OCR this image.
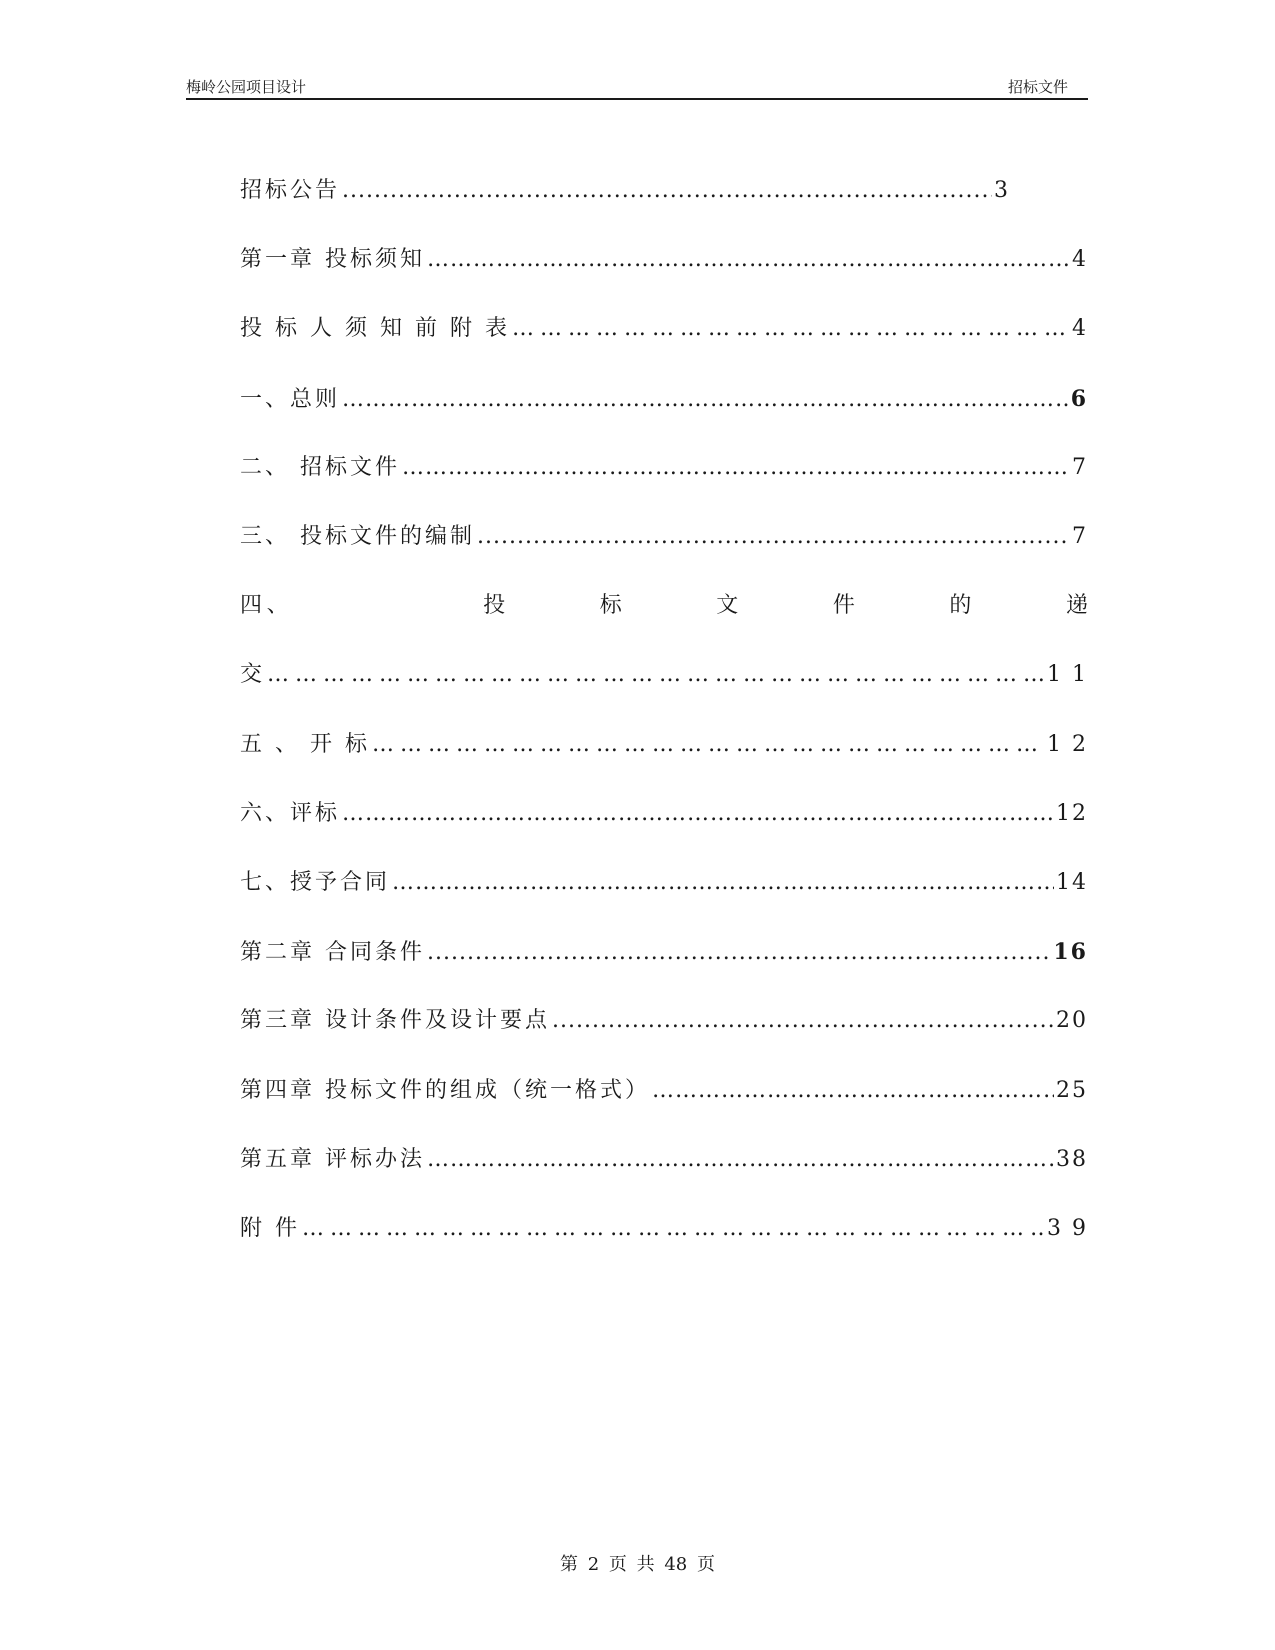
梅岭公园项目设计	招标文件
招标公告 .....	3
第一章 投标须知 ……………………………………………………………………………………………………………………………………………………………………	4
投 标 人 须 知 前 附 表 ……………………………………………………………………………………………………………………………………………………………………	4
一、总则 ……………………………………………………………………………………………………………………………………………………………………	6
二、 招标文件 ……………………………………………………………………………………………………………………………………………………………………	7
三、 投标文件的编制 .....	7
四 、	投	标	文	件	的	递
交 ……………………………………………………………………………………………………………………………………………………………………	1 1
五 、 开 标 ……………………………………………………………………………………………………………………………………………………………………	1 2
六、评标 ……………………………………………………………………………………………………………………………………………………………………	12
七、授予合同 ……………………………………………………………………………………………………………………………………………………………………	14
第二章 合同条件 .....	16
第三章 设计条件及设计要点 .....	20
第四章 投标文件的组成（统一格式） ……………………………………………………………………………………………………………………………………………………………………	25
第五章 评标办法 ……………………………………………………………………………………………………………………………………………………………………	38
附 件 ……………………………………………………………………………………………………………………………………………………………………	3 9
第 2 页 共 48 页
